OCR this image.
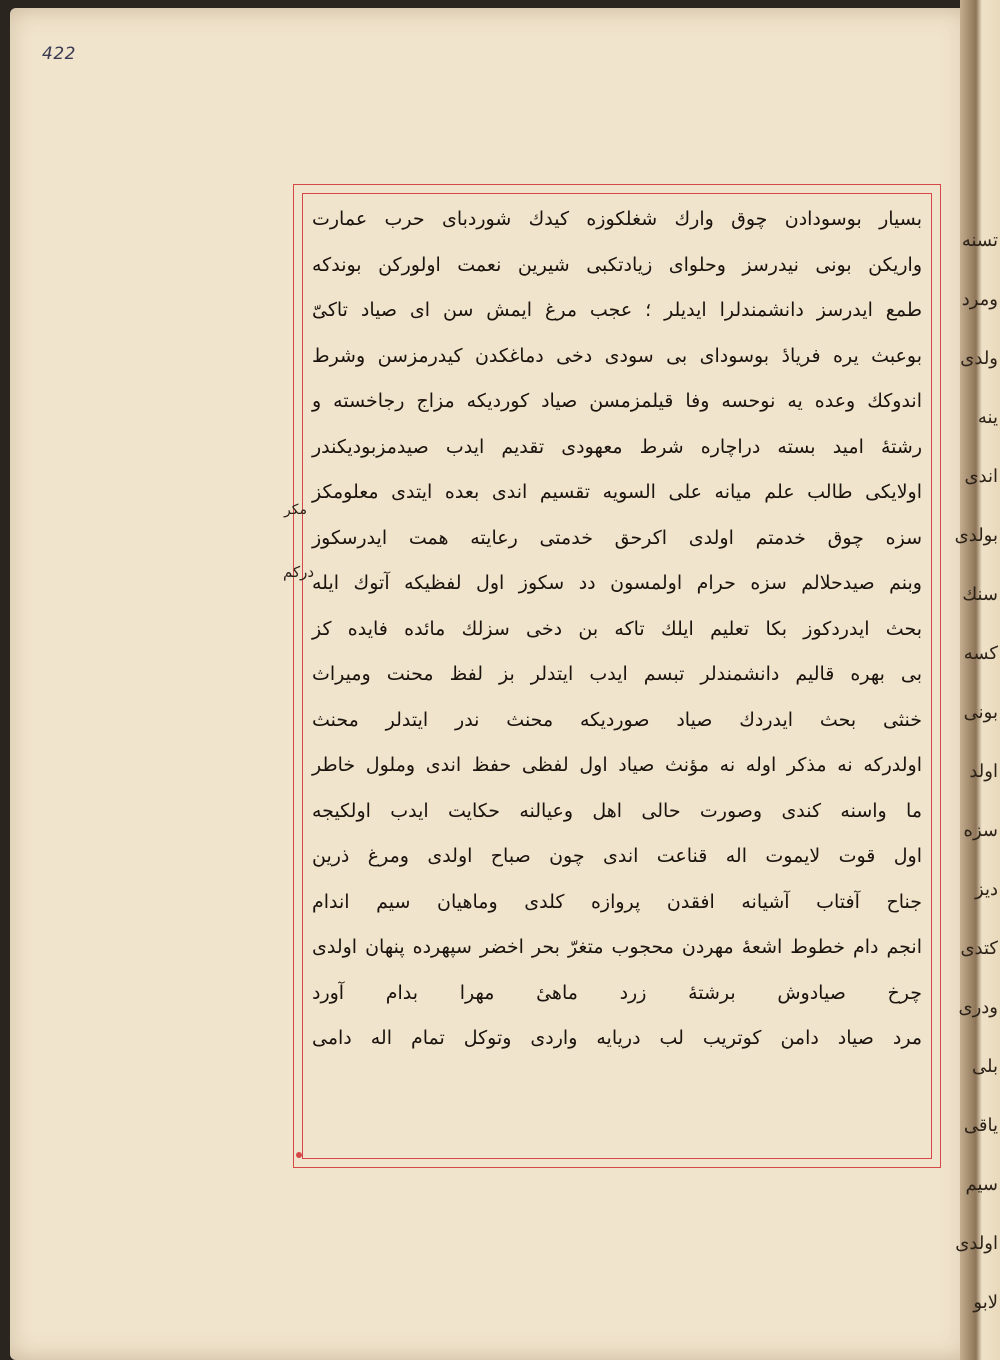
422
تسنه
ومرد
ولدی
ینه
اندی
بولدی
سنك
كسه
بونی
اولد
سزه
دیز
كتدی
ودری
بلی
یاقی
سیم
اولدی
لابو
بسیار بوسودادن چوق وارك شغلكوزه كیدك شوردبای حرب عمارت
واریكن بونی نیدرسز وحلوای زیادتكبی شیرین نعمت اولوركن بوندكه
طمع ایدرسز دانشمندلرا ایدیلر ؛ عجب مرغ ایمش سن ای صیاد تاكیّ
بوعبث یره فریادٔ بوسودای بی سودی دخی دماغكدن كیدرمزسن وشرط
اندوكك وعده یه نوحسه وفا قیلمزمسن صیاد كوردیكه مزاج رجاخسته و
رشتهٔ امید بسته دراچاره شرط معهودی تقدیم ایدب صیدمزبودیكندر
اولایكی طالب علم میانه على السویه تقسیم اندی بعده ایتدی معلومكز
سزه چوق خدمتم اولدی اكرحق خدمتی رعایته همت ایدرسكوز
وبنم صیدحلالم سزه حرام اولمسون دد سكوز اول لفظیكه آتوك ایله
بحث ایدردكوز بكا تعلیم ایلك تاكه بن دخی سزلك مائده فایده كز
بی بهره قالیم دانشمندلر تبسم ایدب ایتدلر بز لفظ محنت ومیراث
خنثی بحث ایدردك صیاد صوردیكه محنث ندر ایتدلر محنث
اولدركه نه مذكر اوله نه مؤنث صیاد اول لفظی حفظ اندی وملول خاطر
ما واسنه كندی وصورت حالی اهل وعیالنه حكایت ایدب اولكیجه
اول قوت لایموت اله قناعت اندی چون صباح اولدی ومرغ ذرین
جناح آفتاب آشیانه افقدن پروازه كلدی وماهیان سیم اندام
انجم دام خطوط اشعهٔ مهردن محجوب متغرّ بحر اخضر سپهرده پنهان اولدی
چرخ صیادوش برشتهٔ زرد ماهیٔ مهرا بدام آورد
مرد صیاد دامن كوتریب لب دریایه واردی وتوكل تمام اله دامی
مكر
دركم
